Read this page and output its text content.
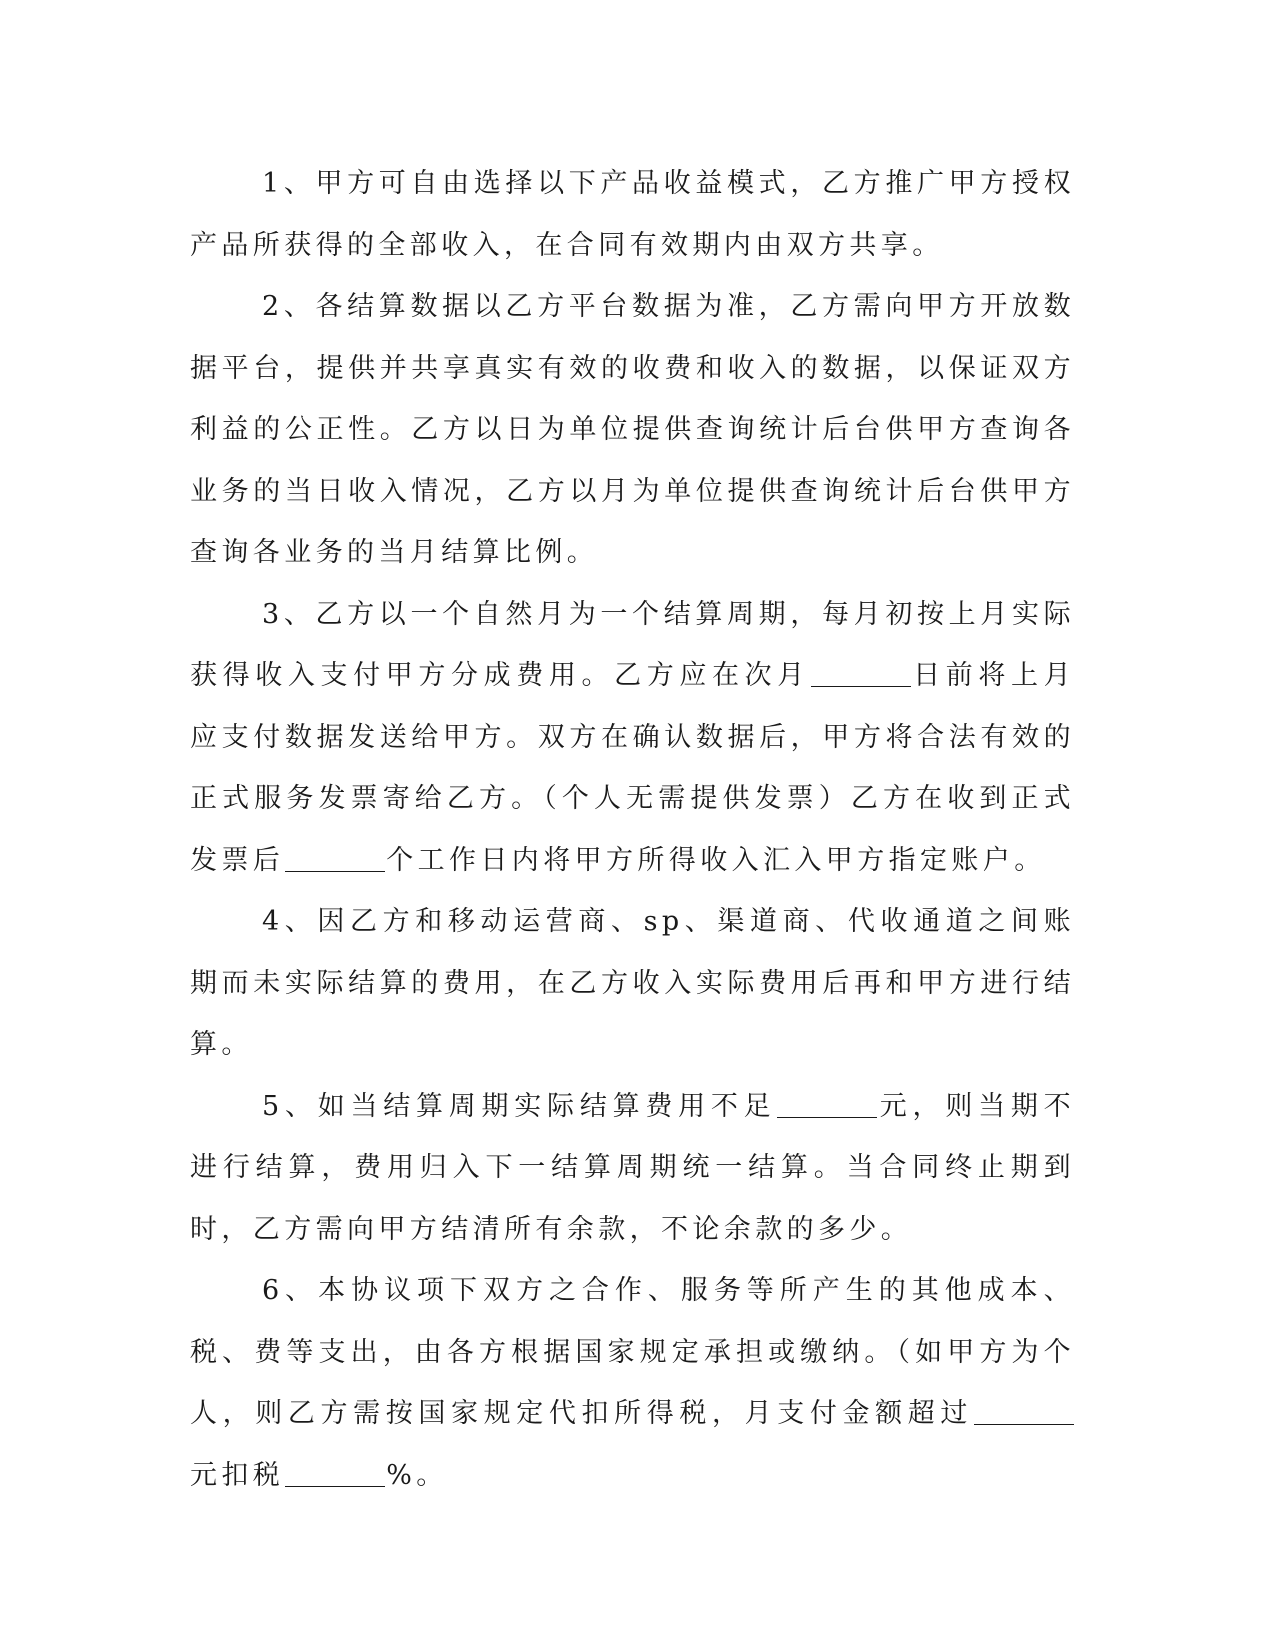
1、甲方可自由选择以下产品收益模式，乙方推广甲方授权产品所获得的全部收入，在合同有效期内由双方共享。

2、各结算数据以乙方平台数据为准，乙方需向甲方开放数据平台，提供并共享真实有效的收费和收入的数据，以保证双方利益的公正性。乙方以日为单位提供查询统计后台供甲方查询各业务的当日收入情况，乙方以月为单位提供查询统计后台供甲方查询各业务的当月结算比例。

3、乙方以一个自然月为一个结算周期，每月初按上月实际获得收入支付甲方分成费用。乙方应在次月	日前将上月应支付数据发送给甲方。双方在确认数据后，甲方将合法有效的正式服务发票寄给乙方。（个人无需提供发票）乙方在收到正式发票后	个工作日内将甲方所得收入汇入甲方指定账户。

4、因乙方和移动运营商、sp、渠道商、代收通道之间账期而未实际结算的费用，在乙方收入实际费用后再和甲方进行结算。

5、如当结算周期实际结算费用不足	元，则当期不进行结算，费用归入下一结算周期统一结算。当合同终止期到时，乙方需向甲方结清所有余款，不论余款的多少。

6、本协议项下双方之合作、服务等所产生的其他成本、税、费等支出，由各方根据国家规定承担或缴纳。（如甲方为个人，则乙方需按国家规定代扣所得税，月支付金额超过元扣税	%。
